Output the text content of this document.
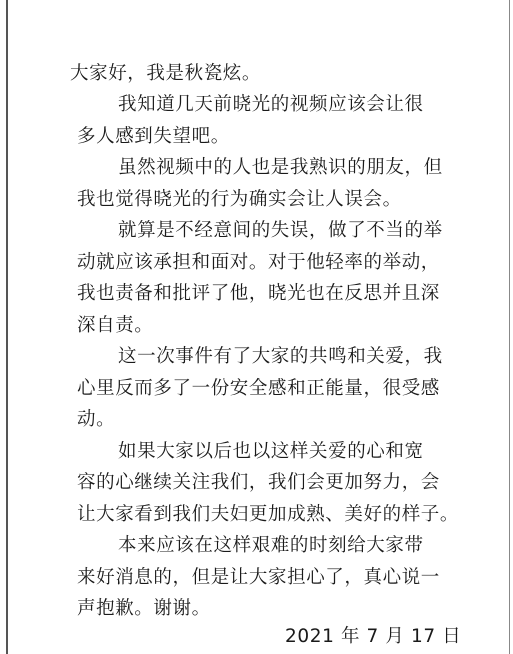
大家好，我是秋瓷炫。
我知道几天前晓光的视频应该会让很
多人感到失望吧。
虽然视频中的人也是我熟识的朋友，但
我也觉得晓光的行为确实会让人误会。
就算是不经意间的失误，做了不当的举
动就应该承担和面对。对于他轻率的举动，
我也责备和批评了他，晓光也在反思并且深
深自责。
这一次事件有了大家的共鸣和关爱，我
心里反而多了一份安全感和正能量，很受感
动。
如果大家以后也以这样关爱的心和宽
容的心继续关注我们，我们会更加努力，会
让大家看到我们夫妇更加成熟、美好的样子。
本来应该在这样艰难的时刻给大家带
来好消息的，但是让大家担心了，真心说一
声抱歉。谢谢。
2021 年 7 月 17 日
